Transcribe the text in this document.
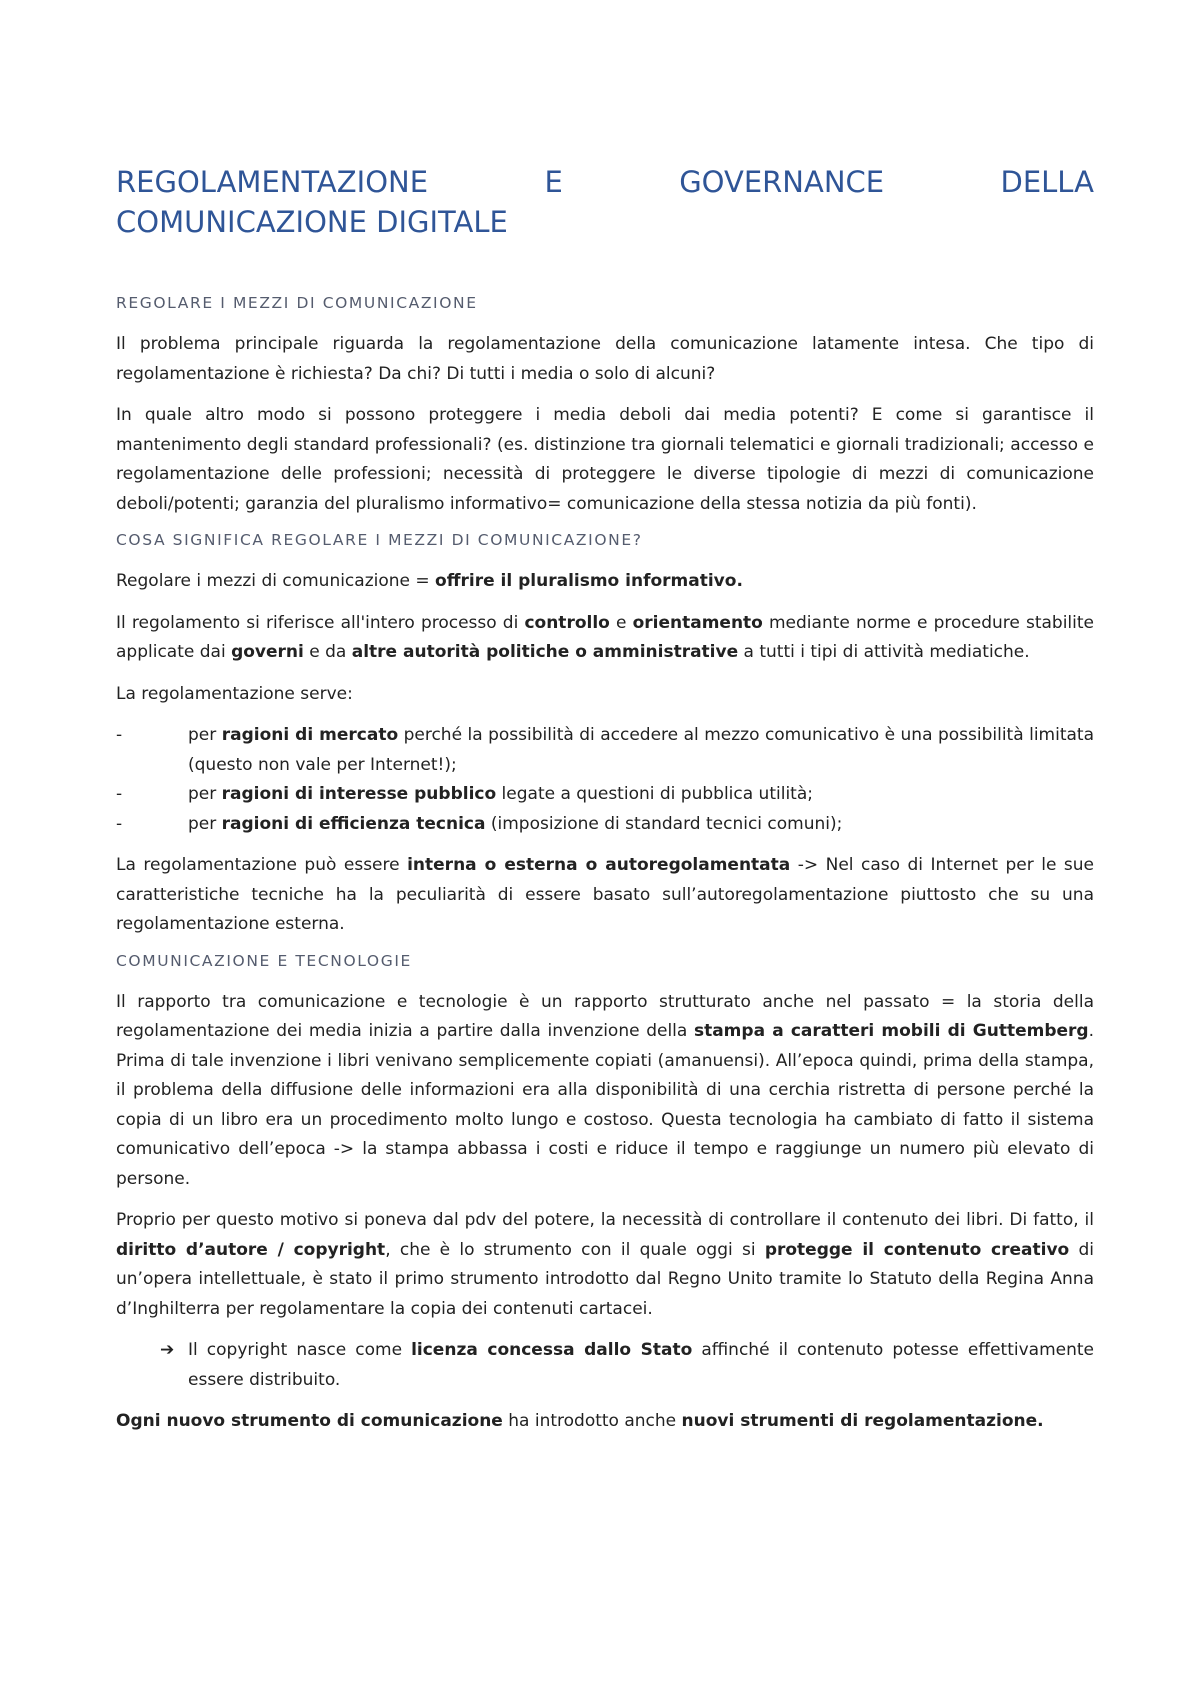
REGOLAMENTAZIONE	E	GOVERNANCE	DELLA
COMUNICAZIONE DIGITALE
REGOLARE I MEZZI DI COMUNICAZIONE

Il problema principale riguarda la regolamentazione della comunicazione latamente intesa. Che tipo di regolamentazione è richiesta? Da chi? Di tutti i media o solo di alcuni?

In quale altro modo si possono proteggere i media deboli dai media potenti? E come si garantisce il mantenimento degli standard professionali? (es. distinzione tra giornali telematici e giornali tradizionali; accesso e regolamentazione delle professioni; necessità di proteggere le diverse tipologie di mezzi di comunicazione deboli/potenti; garanzia del pluralismo informativo= comunicazione della stessa notizia da più fonti).

COSA SIGNIFICA REGOLARE I MEZZI DI COMUNICAZIONE?

Regolare i mezzi di comunicazione = offrire il pluralismo informativo.

Il regolamento si riferisce all'intero processo di controllo e orientamento mediante norme e procedure stabilite applicate dai governi e da altre autorità politiche o amministrative a tutti i tipi di attività mediatiche.

La regolamentazione serve:

-	per ragioni di mercato perché la possibilità di accedere al mezzo comunicativo è una possibilità limitata (questo non vale per Internet!);
-	per ragioni di interesse pubblico legate a questioni di pubblica utilità;
-	per ragioni di efficienza tecnica (imposizione di standard tecnici comuni);

La regolamentazione può essere interna o esterna o autoregolamentata -> Nel caso di Internet per le sue caratteristiche tecniche ha la peculiarità di essere basato sull’autoregolamentazione piuttosto che su una regolamentazione esterna.

COMUNICAZIONE E TECNOLOGIE

Il rapporto tra comunicazione e tecnologie è un rapporto strutturato anche nel passato = la storia della regolamentazione dei media inizia a partire dalla invenzione della stampa a caratteri mobili di Guttemberg. Prima di tale invenzione i libri venivano semplicemente copiati (amanuensi). All’epoca quindi, prima della stampa, il problema della diffusione delle informazioni era alla disponibilità di una cerchia ristretta di persone perché la copia di un libro era un procedimento molto lungo e costoso. Questa tecnologia ha cambiato di fatto il sistema comunicativo dell’epoca -> la stampa abbassa i costi e riduce il tempo e raggiunge un numero più elevato di persone.

Proprio per questo motivo si poneva dal pdv del potere, la necessità di controllare il contenuto dei libri. Di fatto, il diritto d’autore / copyright, che è lo strumento con il quale oggi si protegge il contenuto creativo di un’opera intellettuale, è stato il primo strumento introdotto dal Regno Unito tramite lo Statuto della Regina Anna d’Inghilterra per regolamentare la copia dei contenuti cartacei.

➔ Il copyright nasce come licenza concessa dallo Stato affinché il contenuto potesse effettivamente essere distribuito.

Ogni nuovo strumento di comunicazione ha introdotto anche nuovi strumenti di regolamentazione.
